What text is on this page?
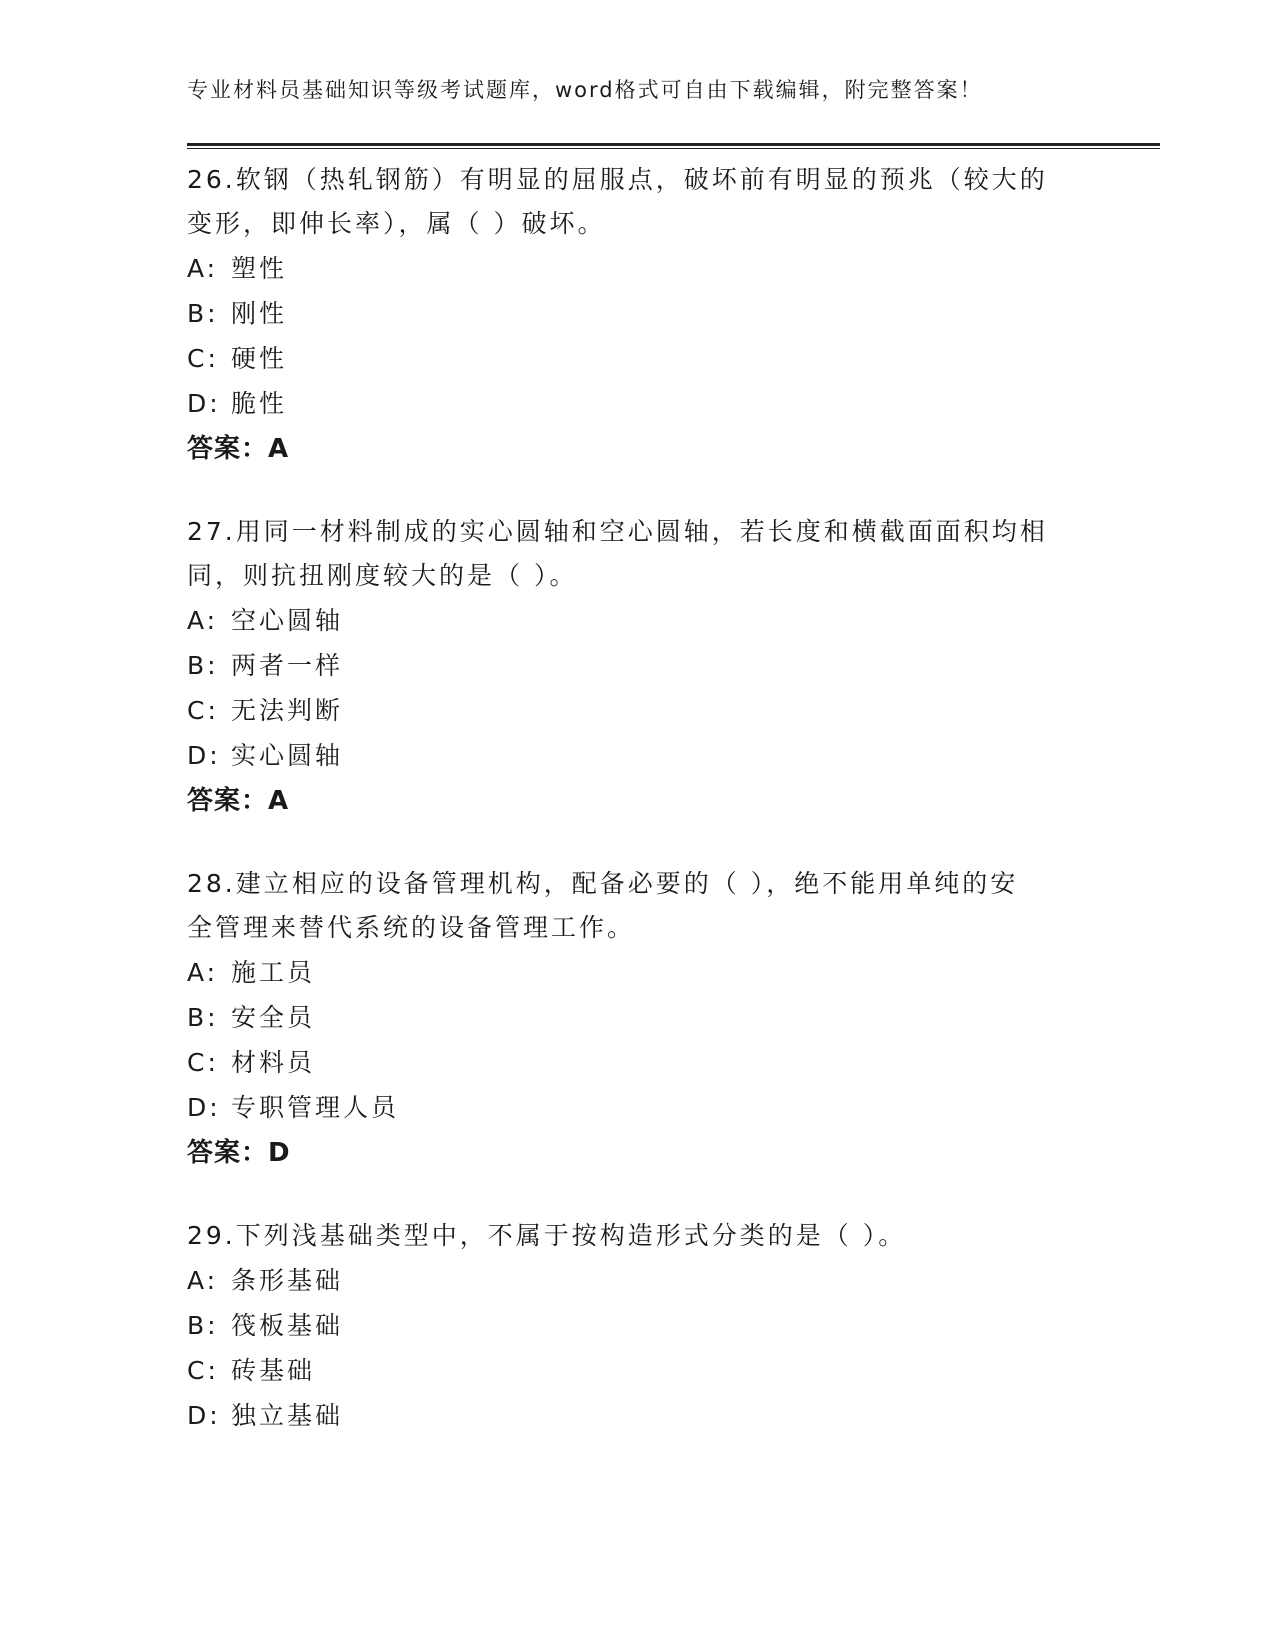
专业材料员基础知识等级考试题库，word格式可自由下载编辑，附完整答案！

26.软钢（热轧钢筋）有明显的屈服点，破坏前有明显的预兆（较大的

变形，即伸长率），属（ ）破坏。

A: 塑性

B: 刚性

C: 硬性

D: 脆性

答案：A

27.用同一材料制成的实心圆轴和空心圆轴，若长度和横截面面积均相

同，则抗扭刚度较大的是（ ）。

A: 空心圆轴

B: 两者一样

C: 无法判断

D: 实心圆轴

答案：A

28.建立相应的设备管理机构，配备必要的（ ），绝不能用单纯的安

全管理来替代系统的设备管理工作。

A: 施工员

B: 安全员

C: 材料员

D: 专职管理人员

答案：D

29.下列浅基础类型中，不属于按构造形式分类的是（ ）。

A: 条形基础

B: 筏板基础

C: 砖基础

D: 独立基础
